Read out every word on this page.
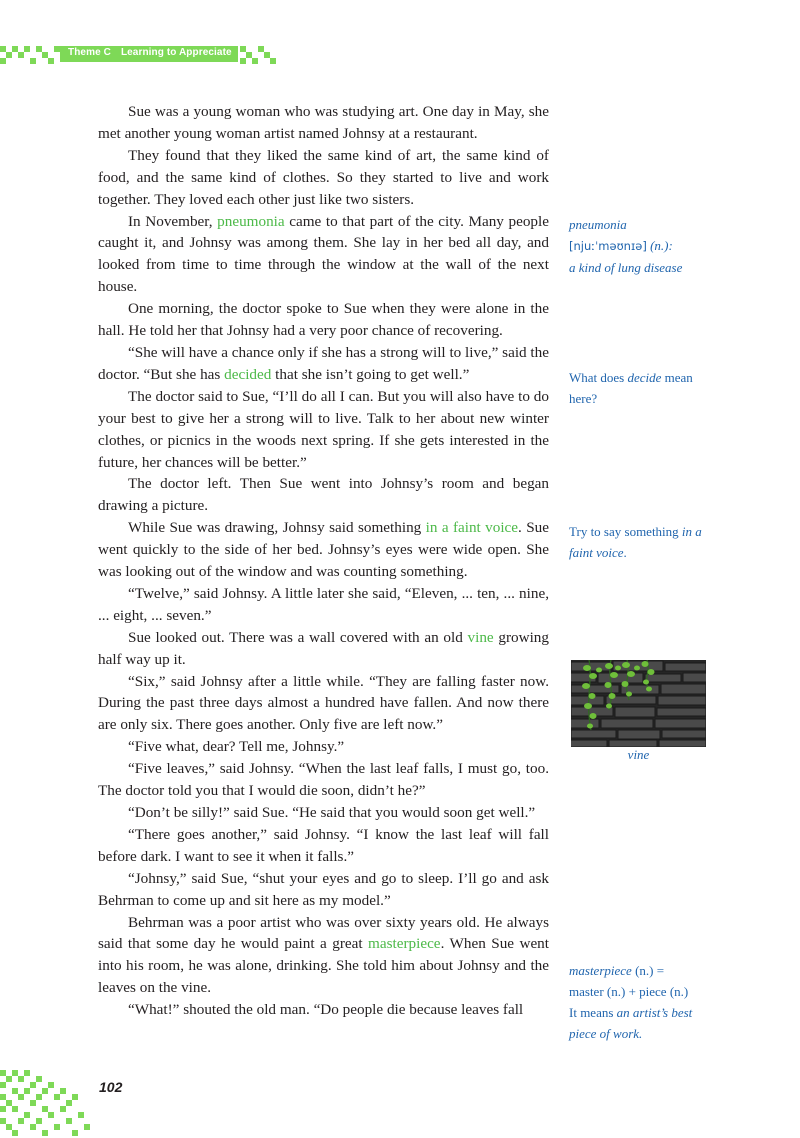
Theme C Learning to Appreciate

Sue was a young woman who was studying art. One day in May, she met another young woman artist named Johnsy at a restaurant.

They found that they liked the same kind of art, the same kind of food, and the same kind of clothes. So they started to live and work together. They loved each other just like two sisters.

In November, pneumonia came to that part of the city. Many people caught it, and Johnsy was among them. She lay in her bed all day, and looked from time to time through the window at the wall of the next house.

One morning, the doctor spoke to Sue when they were alone in the hall. He told her that Johnsy had a very poor chance of recovering.

“She will have a chance only if she has a strong will to live,” said the doctor. “But she has decided that she isn’t going to get well.”

The doctor said to Sue, “I’ll do all I can. But you will also have to do your best to give her a strong will to live. Talk to her about new winter clothes, or picnics in the woods next spring. If she gets interested in the future, her chances will be better.”

The doctor left. Then Sue went into Johnsy’s room and began drawing a picture.

While Sue was drawing, Johnsy said something in a faint voice. Sue went quickly to the side of her bed. Johnsy’s eyes were wide open. She was looking out of the window and was counting something.

“Twelve,” said Johnsy. A little later she said, “Eleven, ... ten, ... nine, ... eight, ... seven.”

Sue looked out. There was a wall covered with an old vine growing half way up it.

“Six,” said Johnsy after a little while. “They are falling faster now. During the past three days almost a hundred have fallen. And now there are only six. There goes another. Only five are left now.”

“Five what, dear? Tell me, Johnsy.”

“Five leaves,” said Johnsy. “When the last leaf falls, I must go, too. The doctor told you that I would die soon, didn’t he?”

“Don’t be silly!” said Sue. “He said that you would soon get well.”

“There goes another,” said Johnsy. “I know the last leaf will fall before dark. I want to see it when it falls.”

“Johnsy,” said Sue, “shut your eyes and go to sleep. I’ll go and ask Behrman to come up and sit here as my model.”

Behrman was a poor artist who was over sixty years old. He always said that some day he would paint a great masterpiece. When Sue went into his room, he was alone, drinking. She told him about Johnsy and the leaves on the vine.

“What!” shouted the old man. “Do people die because leaves fall

pneumonia
[njuːˈməʊnɪə] (n.):
a kind of lung disease
What does decide mean here?
Try to say something in a faint voice.
vine
masterpiece (n.) =
master (n.) + piece (n.)
It means an artist’s best piece of work.
102
